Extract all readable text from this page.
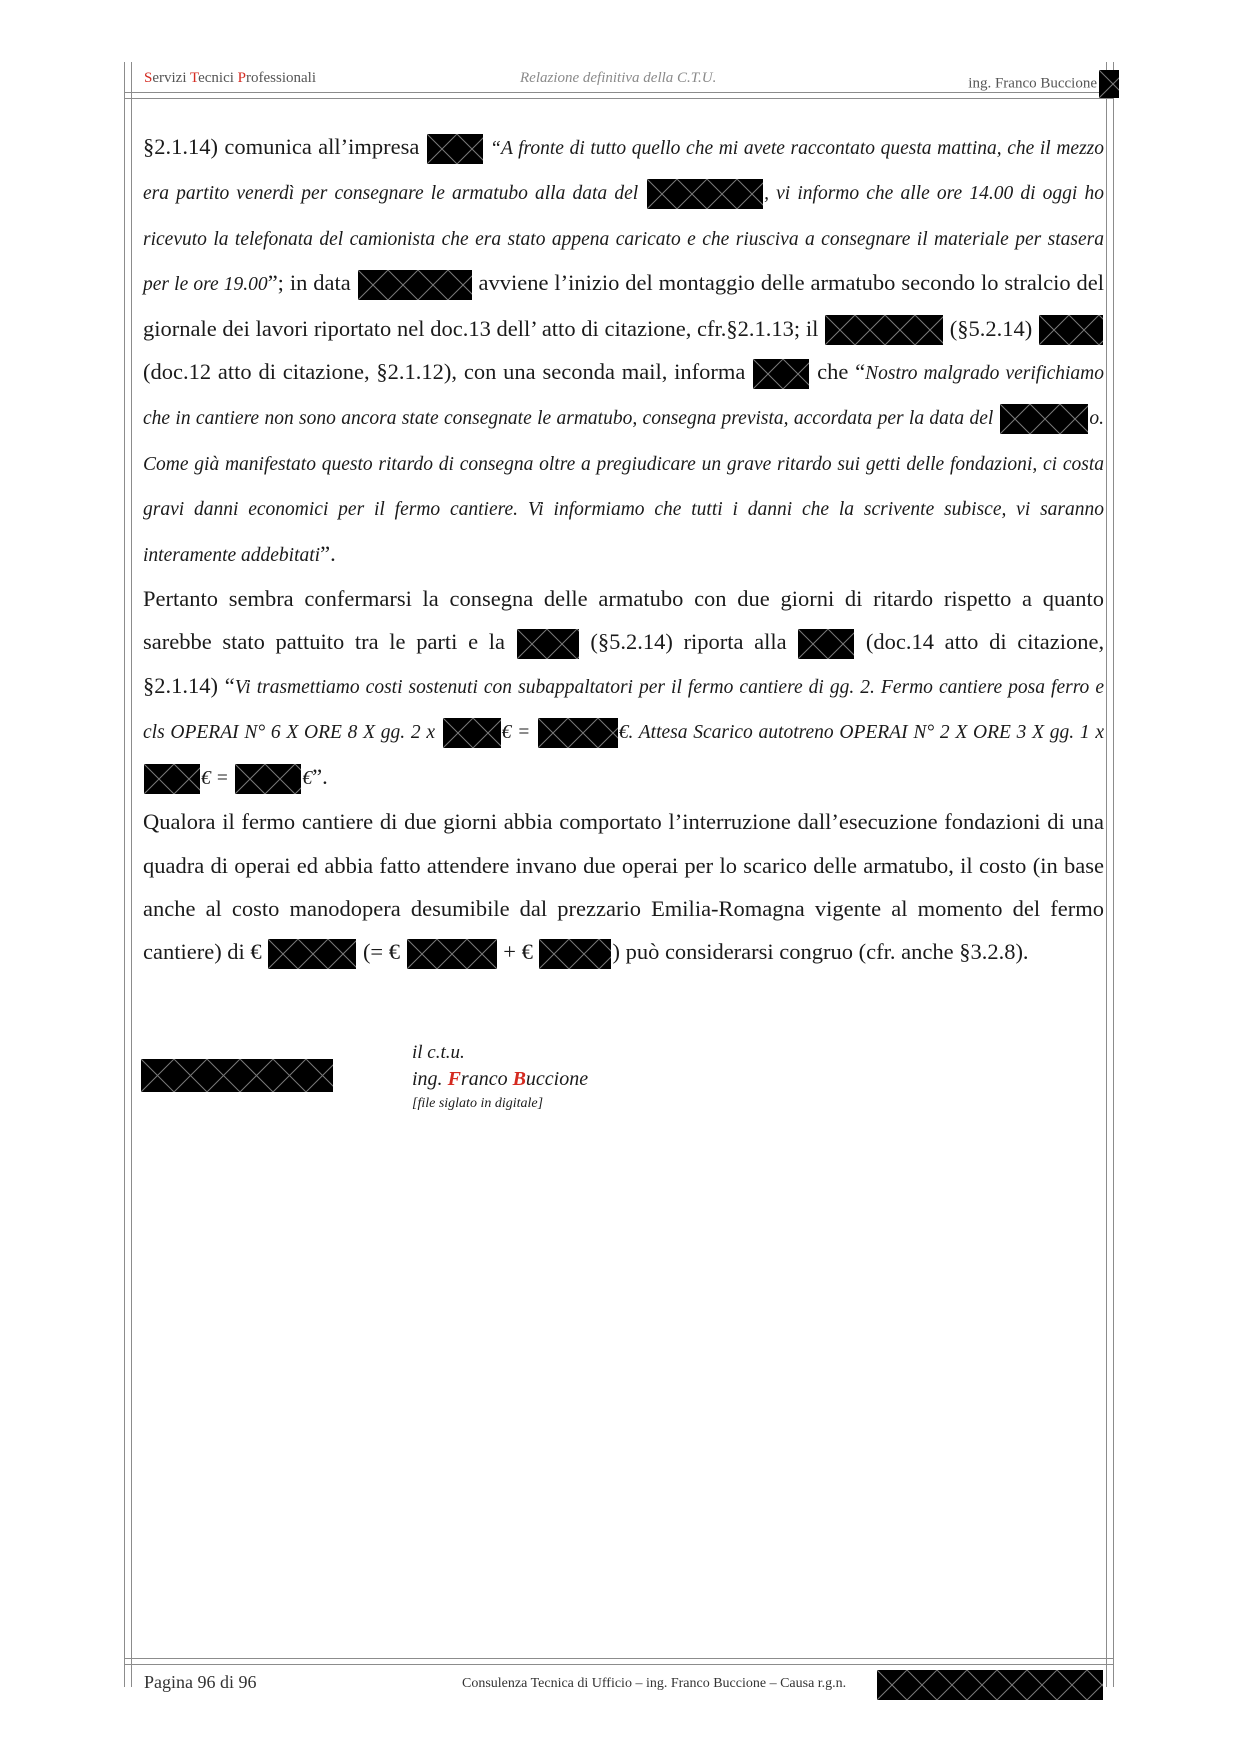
Servizi Tecnici Professionali	Relazione definitiva della C.T.U.	ing. Franco Buccione

§2.1.14) comunica all’impresa	“A fronte di tutto quello che mi avete raccontato questa mattina, che il mezzo era partito venerdì per consegnare le armatubo alla data del	, vi informo che alle ore 14.00 di oggi ho ricevuto la telefonata del camionista che era stato appena caricato e che riusciva a consegnare il materiale per stasera per le ore 19.00”; in data	avviene l’inizio del montaggio delle armatubo secondo lo stralcio del giornale dei lavori riportato nel doc.13 dell’ atto di citazione, cfr.§2.1.13; il	(§5.2.14)
(doc.12 atto di citazione, §2.1.12), con una seconda mail, informa	che “Nostro malgrado verifichiamo che in cantiere non sono ancora state consegnate le armatubo, consegna prevista, accordata per la data del	o. Come già manifestato questo ritardo di consegna oltre a pregiudicare un grave ritardo sui getti delle fondazioni, ci costa gravi danni economici per il fermo cantiere. Vi informiamo che tutti i danni che la scrivente subisce, vi saranno interamente addebitati”.

Pertanto sembra confermarsi la consegna delle armatubo con due giorni di ritardo rispetto a quanto sarebbe stato pattuito tra le parti e la	(§5.2.14) riporta alla	(doc.14 atto di citazione, §2.1.14) “Vi trasmettiamo costi sostenuti con subappaltatori per il fermo cantiere di gg. 2. Fermo cantiere posa ferro e cls OPERAI N° 6 X ORE 8 X gg. 2 x	€ =	€. Attesa Scarico autotreno OPERAI N° 2 X ORE 3 X gg. 1 x
€ =	€”.

Qualora il fermo cantiere di due giorni abbia comportato l’interruzione dall’esecuzione fondazioni di una quadra di operai ed abbia fatto attendere invano due operai per lo scarico delle armatubo, il costo (in base anche al costo manodopera desumibile dal prezzario Emilia-Romagna vigente al momento del fermo cantiere) di €	(= €	+ €	) può considerarsi congruo (cfr. anche §3.2.8).

il c.t.u.
ing. Franco Buccione
[file siglato in digitale]
Pagina 96 di 96	Consulenza Tecnica di Ufficio – ing. Franco Buccione – Causa r.g.n.
